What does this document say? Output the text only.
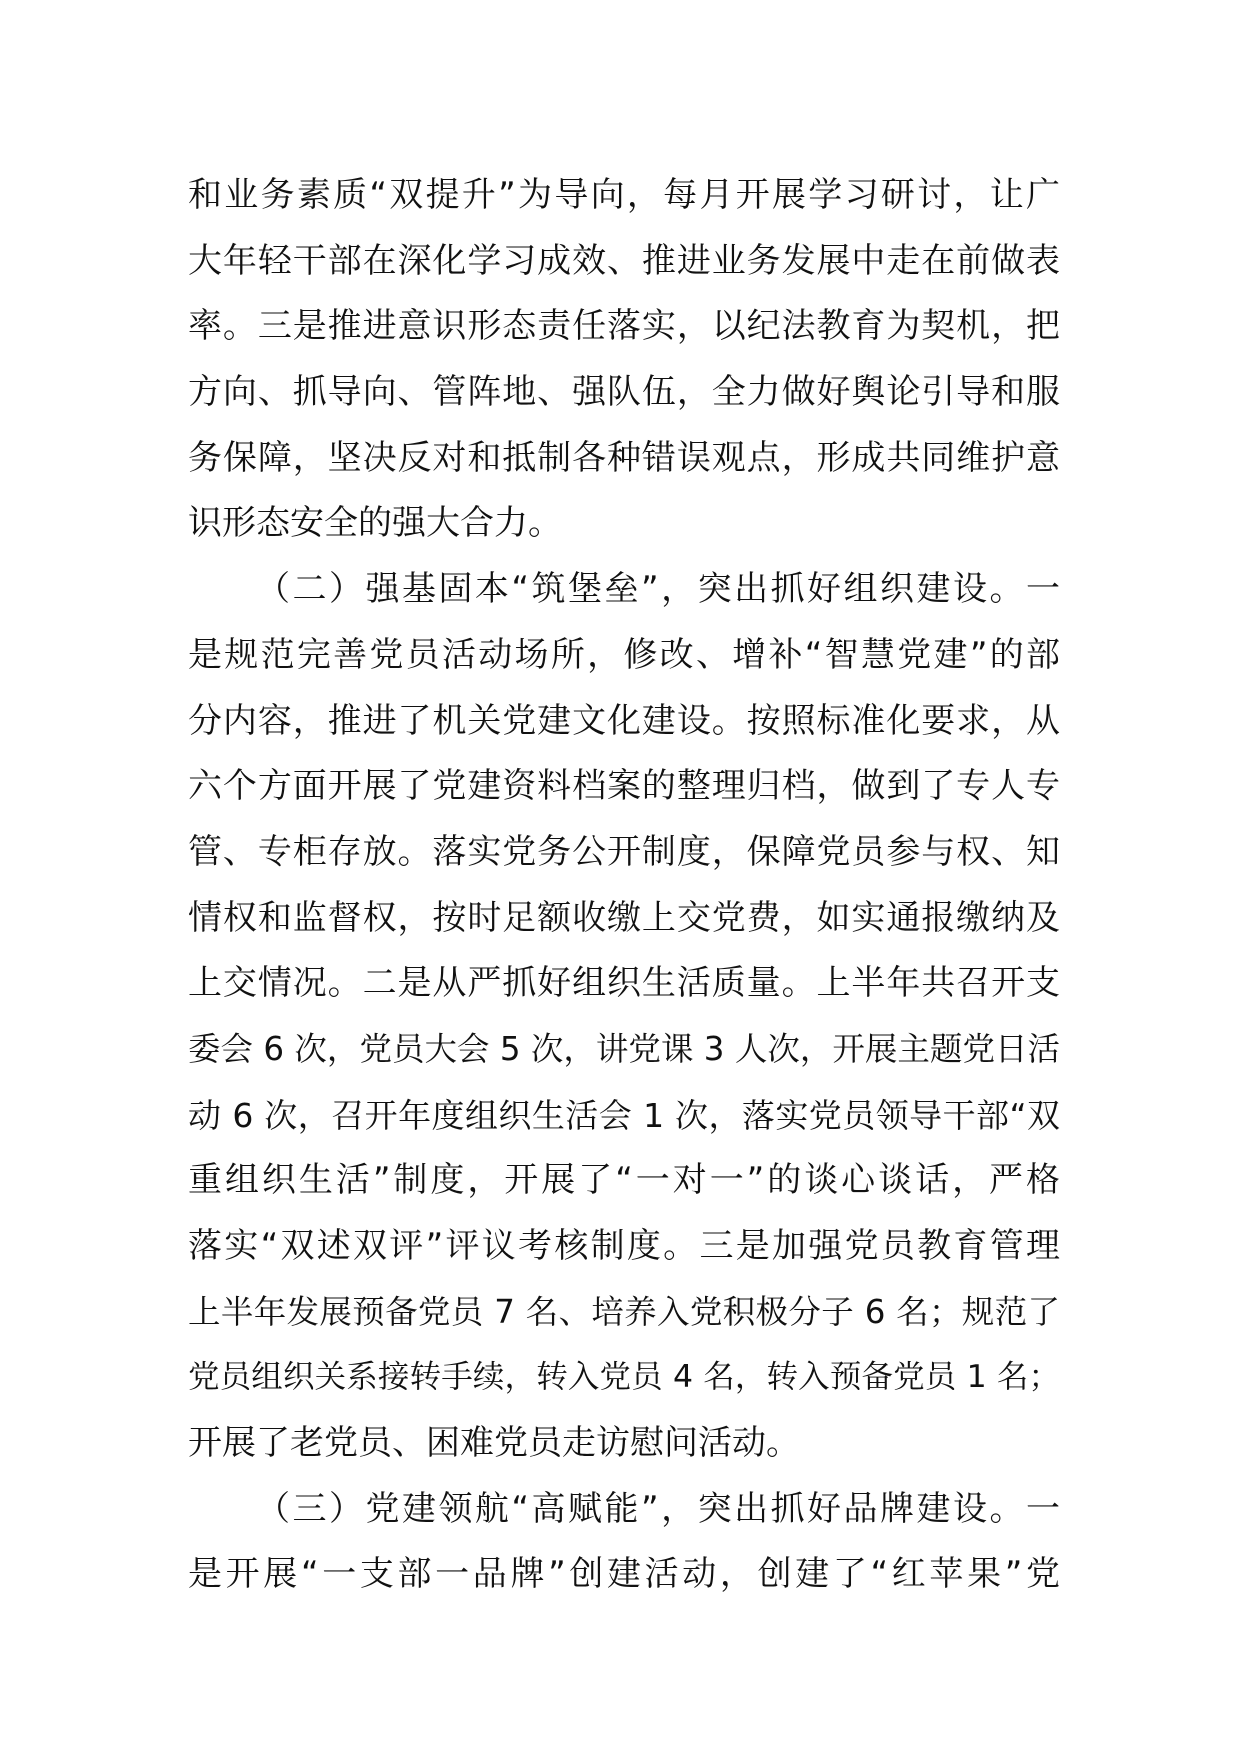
和业务素质“双提升”为导向，每月开展学习研讨，让广
大年轻干部在深化学习成效、推进业务发展中走在前做表
率。三是推进意识形态责任落实，以纪法教育为契机，把
方向、抓导向、管阵地、强队伍，全力做好舆论引导和服
务保障，坚决反对和抵制各种错误观点，形成共同维护意
识形态安全的强大合力。
（二）强基固本“筑堡垒”，突出抓好组织建设。一
是规范完善党员活动场所，修改、增补“智慧党建”的部
分内容，推进了机关党建文化建设。按照标准化要求，从
六个方面开展了党建资料档案的整理归档，做到了专人专
管、专柜存放。落实党务公开制度，保障党员参与权、知
情权和监督权，按时足额收缴上交党费，如实通报缴纳及
上交情况。二是从严抓好组织生活质量。上半年共召开支
委会 6 次，党员大会 5 次，讲党课 3 人次，开展主题党日活
动 6 次，召开年度组织生活会 1 次，落实党员领导干部“双
重组织生活”制度，开展了“一对一”的谈心谈话，严格
落实“双述双评”评议考核制度。三是加强党员教育管理
上半年发展预备党员 7 名、培养入党积极分子 6 名；规范了
党员组织关系接转手续，转入党员 4 名，转入预备党员 1 名；
开展了老党员、困难党员走访慰问活动。
（三）党建领航“高赋能”，突出抓好品牌建设。一
是开展“一支部一品牌”创建活动，创建了“红苹果”党
